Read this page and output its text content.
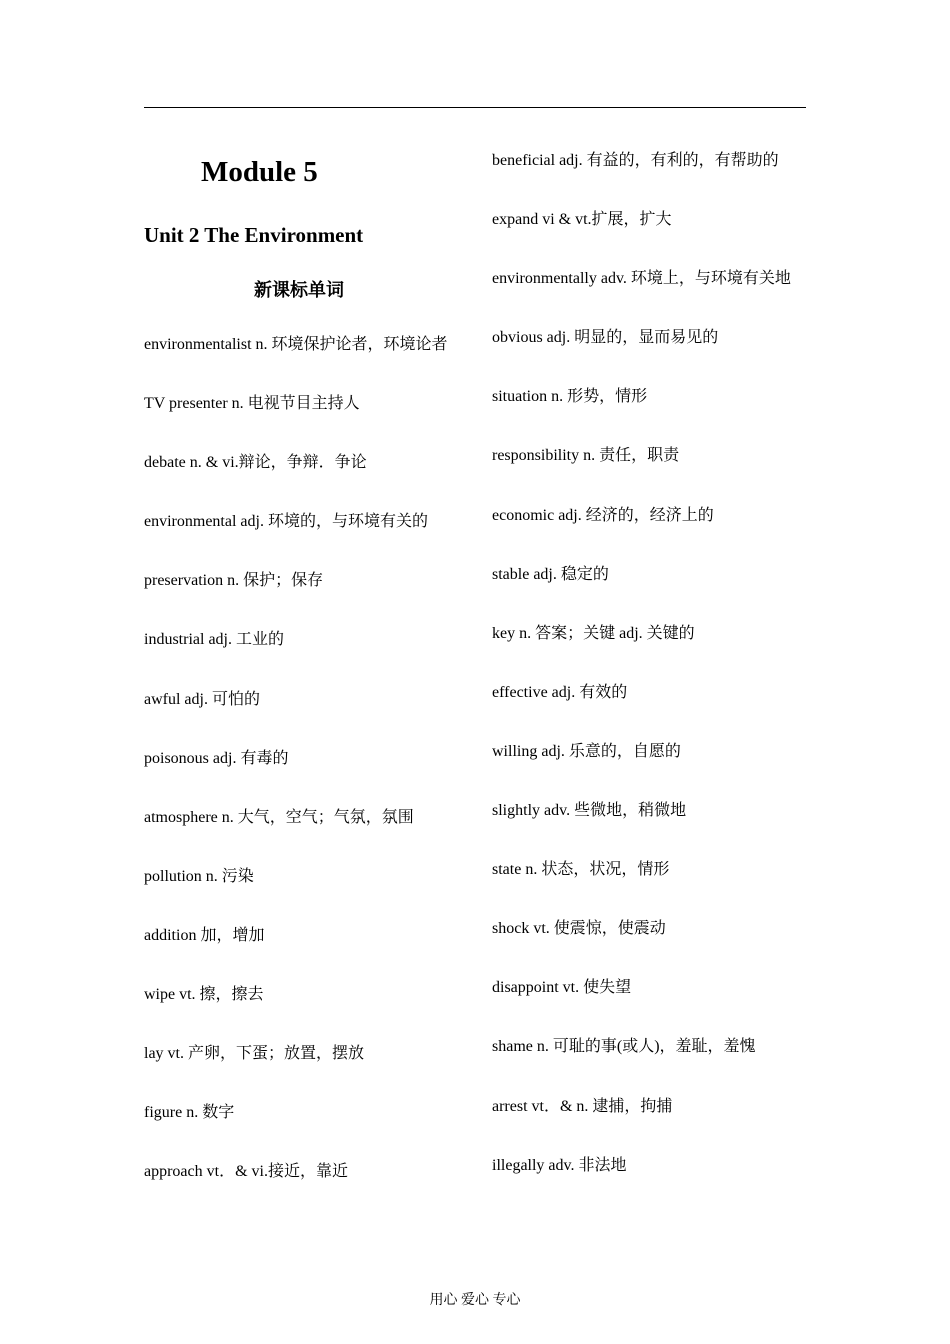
Module 5
Unit 2 The Environment
新课标单词
environmentalist n. 环境保护论者，环境论者
TV presenter n. 电视节目主持人
debate n. & vi.辩论，争辩．争论
environmental adj. 环境的，与环境有关的
preservation n. 保护；保存
industrial adj. 工业的
awful adj. 可怕的
poisonous adj. 有毒的
atmosphere n. 大气，空气；气氛，氛围
pollution n. 污染
addition 加，增加
wipe vt. 擦，擦去
lay vt. 产卵，下蛋；放置，摆放
figure n. 数字
approach vt．& vi.接近，靠近
beneficial adj. 有益的，有利的，有帮助的
expand vi & vt.扩展，扩大
environmentally adv. 环境上，与环境有关地
obvious adj. 明显的，显而易见的
situation n. 形势，情形
responsibility n. 责任，职责
economic adj. 经济的，经济上的
stable adj. 稳定的
key n. 答案；关键 adj. 关键的
effective adj. 有效的
willing adj. 乐意的，自愿的
slightly adv. 些微地，稍微地
state n. 状态，状况，情形
shock vt. 使震惊，使震动
disappoint vt. 使失望
shame n. 可耻的事(或人)，羞耻，羞愧
arrest vt．& n. 逮捕，拘捕
illegally adv. 非法地
用心 爱心 专心
